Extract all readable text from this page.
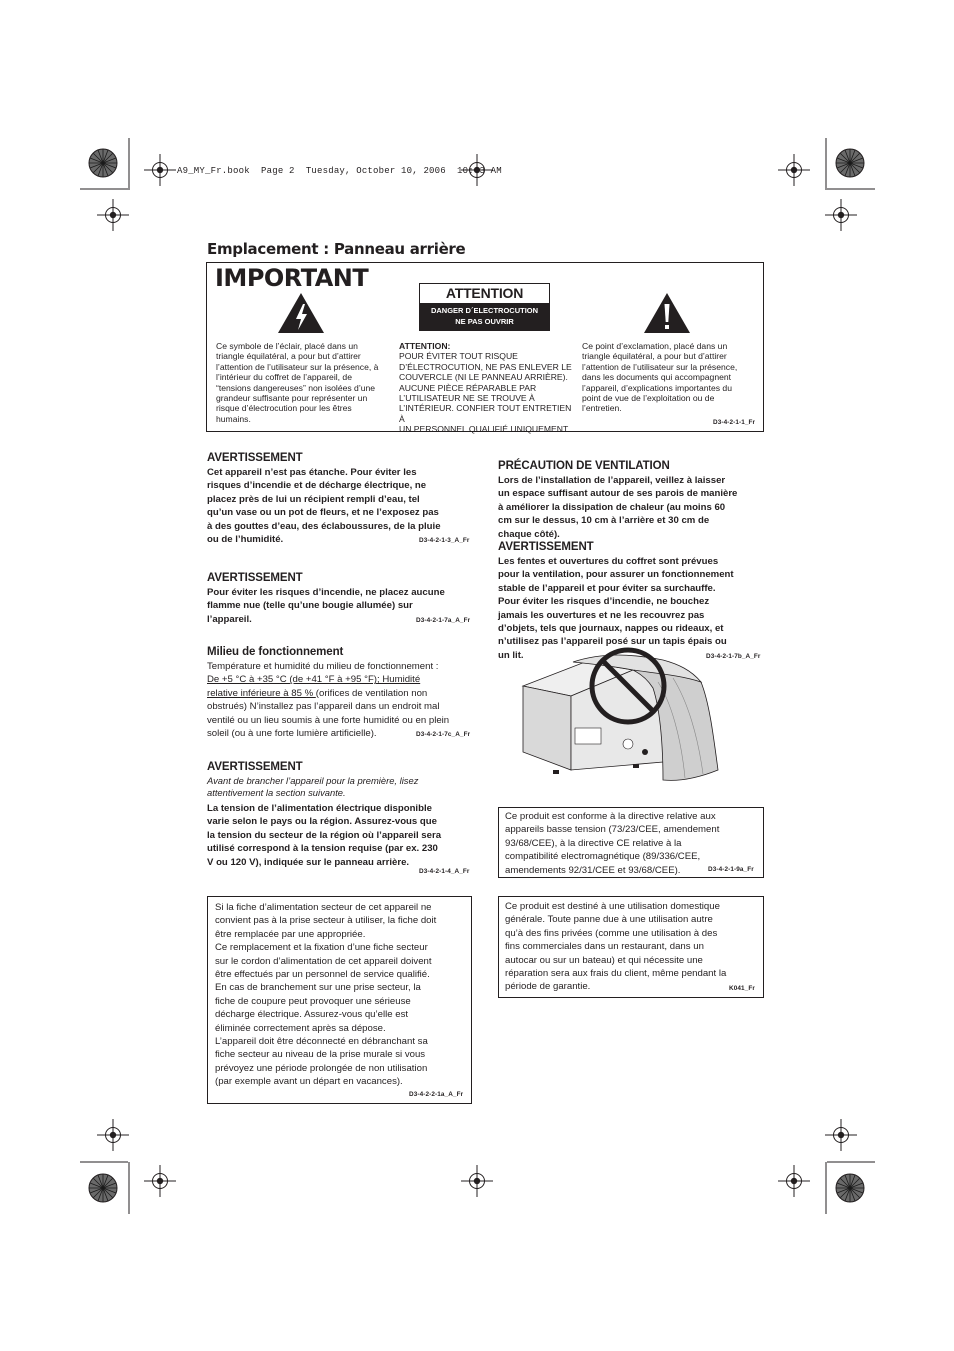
A9_MY_Fr.book  Page 2  Tuesday, October 10, 2006  10:43 AM
Emplacement : Panneau arrière
IMPORTANT
ATTENTION
DANGER D´ELECTROCUTION
NE PAS OUVRIR
Ce symbole de l’éclair, placé dans un
triangle équilatéral, a pour but d’attirer
l’attention de l’utilisateur sur la présence, à
l’intérieur du coffret de l’appareil, de
“tensions dangereuses” non isolées d’une
grandeur suffisante pour représenter un
risque d’électrocution pour les êtres
humains.
ATTENTION:
POUR ÉVITER TOUT RISQUE
D’ÉLECTROCUTION, NE PAS ENLEVER LE
COUVERCLE (NI LE PANNEAU ARRIÈRE).
AUCUNE PIÈCE RÉPARABLE PAR
L’UTILISATEUR NE SE TROUVE À
L’INTÉRIEUR. CONFIER TOUT ENTRETIEN À
UN PERSONNEL QUALIFIÉ UNIQUEMENT.
Ce point d’exclamation, placé dans un
triangle équilatéral, a pour but d’attirer
l’attention de l’utilisateur sur la présence,
dans les documents qui accompagnent
l’appareil, d’explications importantes du
point de vue de l’exploitation ou de
l’entretien.
D3-4-2-1-1_Fr
AVERTISSEMENT
Cet appareil n’est pas étanche. Pour éviter les
risques d’incendie et de décharge électrique, ne
placez près de lui un récipient rempli d’eau, tel
qu’un vase ou un pot de fleurs, et ne l’exposez pas
à des gouttes d’eau, des éclaboussures, de la pluie
ou de l’humidité.	D3-4-2-1-3_A_Fr
AVERTISSEMENT
Pour éviter les risques d’incendie, ne placez aucune
flamme nue (telle qu’une bougie allumée) sur
l’appareil.	D3-4-2-1-7a_A_Fr
Milieu de fonctionnement
Température et humidité du milieu de fonctionnement :
De +5 °C à +35 °C (de +41 °F à +95 °F); Humidité
relative inférieure à 85 % (orifices de ventilation non
obstrués) N’installez pas l’appareil dans un endroit mal
ventilé ou un lieu soumis à une forte humidité ou en plein
soleil (ou à une forte lumière artificielle).	D3-4-2-1-7c_A_Fr
AVERTISSEMENT
Avant de brancher l’appareil pour la première, lisez
attentivement la section suivante.
La tension de l’alimentation électrique disponible
varie selon le pays ou la région. Assurez-vous que
la tension du secteur de la région où l’appareil sera
utilisé correspond à la tension requise (par ex. 230
V ou 120 V), indiquée sur le panneau arrière.
D3-4-2-1-4_A_Fr
Si la fiche d’alimentation secteur de cet appareil ne
convient pas à la prise secteur à utiliser, la fiche doit
être remplacée par une appropriée.
Ce remplacement et la fixation d’une fiche secteur
sur le cordon d’alimentation de cet appareil doivent
être effectués par un personnel de service qualifié.
En cas de branchement sur une prise secteur, la
fiche de coupure peut provoquer une sérieuse
décharge électrique. Assurez-vous qu’elle est
éliminée correctement après sa dépose.
L’appareil doit être déconnecté en débranchant sa
fiche secteur au niveau de la prise murale si vous
prévoyez une période prolongée de non utilisation
(par exemple avant un départ en vacances).
D3-4-2-2-1a_A_Fr
PRÉCAUTION DE VENTILATION
Lors de l’installation de l’appareil, veillez à laisser
un espace suffisant autour de ses parois de manière
à améliorer la dissipation de chaleur (au moins 60
cm sur le dessus, 10 cm à l’arrière et 30 cm de
chaque côté).
AVERTISSEMENT
Les fentes et ouvertures du coffret sont prévues
pour la ventilation, pour assurer un fonctionnement
stable de l’appareil et pour éviter sa surchauffe.
Pour éviter les risques d’incendie, ne bouchez
jamais les ouvertures et ne les recouvrez pas
d’objets, tels que journaux, nappes ou rideaux, et
n’utilisez pas l’appareil posé sur un tapis épais ou
un lit.	D3-4-2-1-7b_A_Fr
Ce produit est conforme à la directive relative aux
appareils basse tension (73/23/CEE, amendement
93/68/CEE), à la directive CE relative à la
compatibilité electromagnétique (89/336/CEE,
amendements 92/31/CEE et 93/68/CEE).	D3-4-2-1-9a_Fr
Ce produit est destiné à une utilisation domestique
générale. Toute panne due à une utilisation autre
qu’à des fins privées (comme une utilisation à des
fins commerciales dans un restaurant, dans un
autocar ou sur un bateau) et qui nécessite une
réparation sera aux frais du client, même pendant la
période de garantie.	K041_Fr
